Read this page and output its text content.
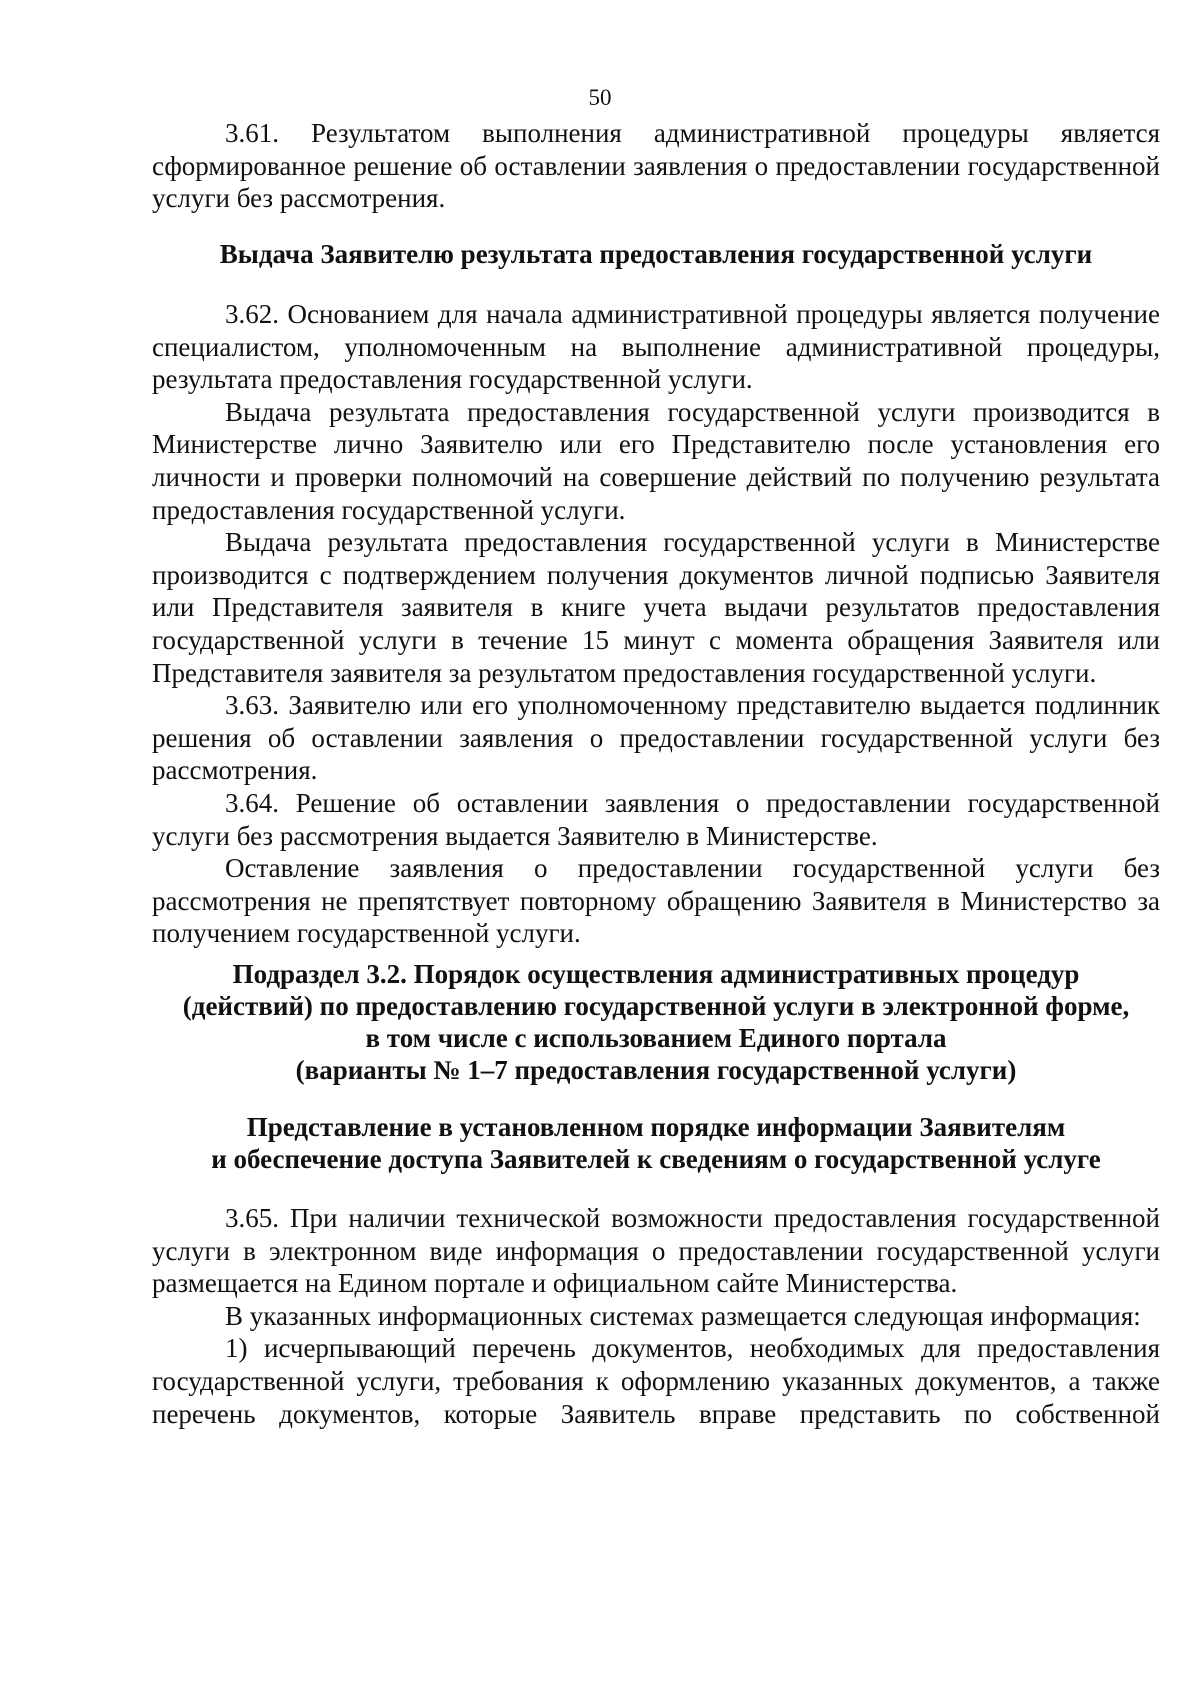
50

3.61. Результатом выполнения административной процедуры является сформированное решение об оставлении заявления о предоставлении государственной услуги без рассмотрения.

Выдача Заявителю результата предоставления государственной услуги

3.62. Основанием для начала административной процедуры является получение специалистом, уполномоченным на выполнение административной процедуры, результата предоставления государственной услуги.

Выдача результата предоставления государственной услуги производится в Министерстве лично Заявителю или его Представителю после установления его личности и проверки полномочий на совершение действий по получению результата предоставления государственной услуги.

Выдача результата предоставления государственной услуги в Министерстве производится с подтверждением получения документов личной подписью Заявителя или Представителя заявителя в книге учета выдачи результатов предоставления государственной услуги в течение 15 минут с момента обращения Заявителя или Представителя заявителя за результатом предоставления государственной услуги.

3.63. Заявителю или его уполномоченному представителю выдается подлинник решения об оставлении заявления о предоставлении государственной услуги без рассмотрения.

3.64. Решение об оставлении заявления о предоставлении государственной услуги без рассмотрения выдается Заявителю в Министерстве.

Оставление заявления о предоставлении государственной услуги без рассмотрения не препятствует повторному обращению Заявителя в Министерство за получением государственной услуги.

Подраздел 3.2. Порядок осуществления административных процедур
(действий) по предоставлению государственной услуги в электронной форме,
в том числе с использованием Единого портала
(варианты № 1–7 предоставления государственной услуги)
Представление в установленном порядке информации Заявителям
и обеспечение доступа Заявителей к сведениям о государственной услуге

3.65. При наличии технической возможности предоставления государственной услуги в электронном виде информация о предоставлении государственной услуги размещается на Едином портале и официальном сайте Министерства.

В указанных информационных системах размещается следующая информация:

1) исчерпывающий перечень документов, необходимых для предоставления государственной услуги, требования к оформлению указанных документов, а также перечень документов, которые Заявитель вправе представить по собственной
